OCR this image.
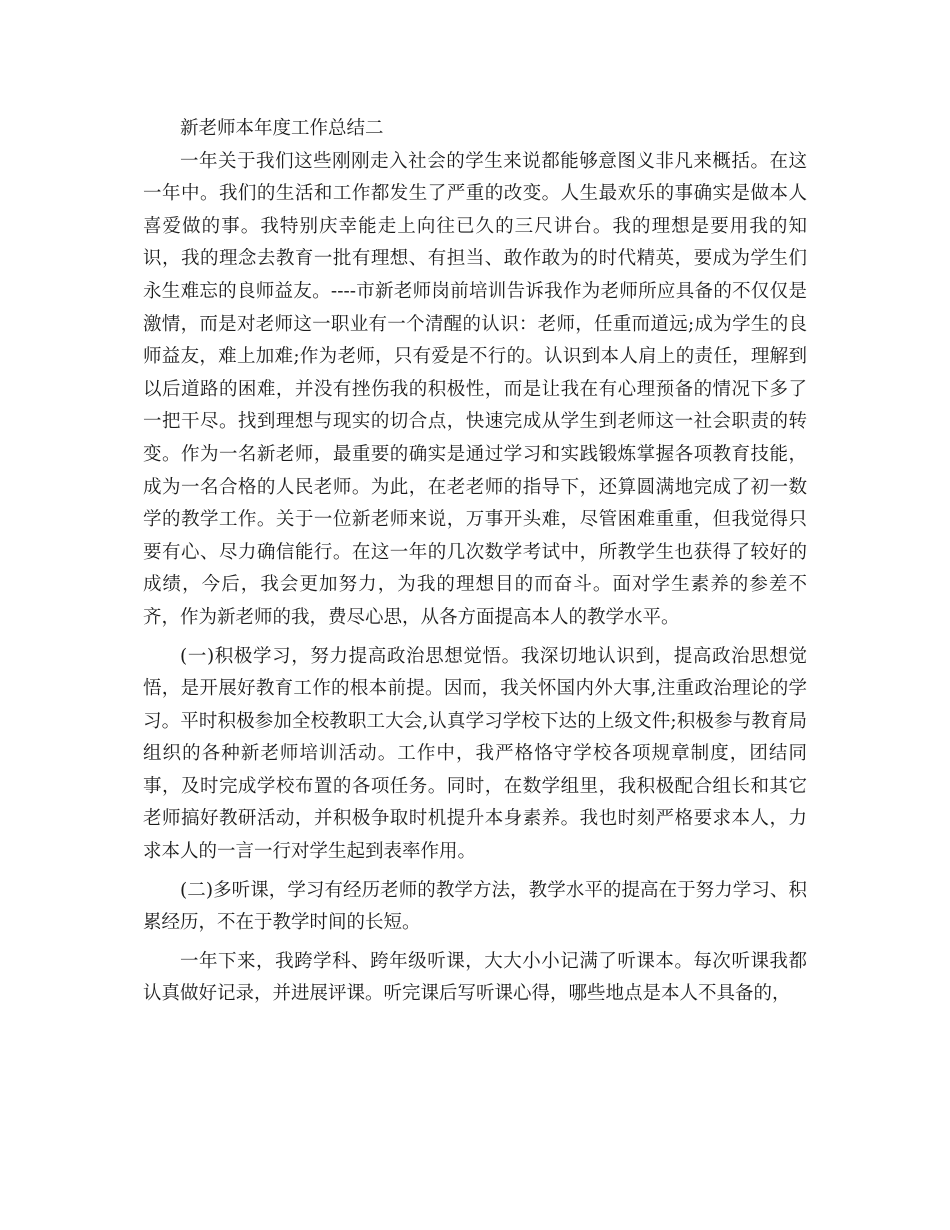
新老师本年度工作总结二

一年关于我们这些刚刚走入社会的学生来说都能够意图义非凡来概括。在这一年中。我们的生活和工作都发生了严重的改变。人生最欢乐的事确实是做本人喜爱做的事。我特别庆幸能走上向往已久的三尺讲台。我的理想是要用我的知识，我的理念去教育一批有理想、有担当、敢作敢为的时代精英，要成为学生们永生难忘的良师益友。----市新老师岗前培训告诉我作为老师所应具备的不仅仅是激情，而是对老师这一职业有一个清醒的认识：老师，任重而道远;成为学生的良师益友，难上加难;作为老师，只有爱是不行的。认识到本人肩上的责任，理解到以后道路的困难，并没有挫伤我的积极性，而是让我在有心理预备的情况下多了一把干尽。找到理想与现实的切合点，快速完成从学生到老师这一社会职责的转变。作为一名新老师，最重要的确实是通过学习和实践锻炼掌握各项教育技能，成为一名合格的人民老师。为此，在老老师的指导下，还算圆满地完成了初一数学的教学工作。关于一位新老师来说，万事开头难，尽管困难重重，但我觉得只要有心、尽力确信能行。在这一年的几次数学考试中，所教学生也获得了较好的成绩，今后，我会更加努力，为我的理想目的而奋斗。面对学生素养的参差不齐，作为新老师的我，费尽心思，从各方面提高本人的教学水平。

(一)积极学习，努力提高政治思想觉悟。我深切地认识到，提高政治思想觉悟，是开展好教育工作的根本前提。因而，我关怀国内外大事,注重政治理论的学习。平时积极参加全校教职工大会,认真学习学校下达的上级文件;积极参与教育局组织的各种新老师培训活动。工作中，我严格恪守学校各项规章制度，团结同事，及时完成学校布置的各项任务。同时，在数学组里，我积极配合组长和其它老师搞好教研活动，并积极争取时机提升本身素养。我也时刻严格要求本人，力求本人的一言一行对学生起到表率作用。

(二)多听课，学习有经历老师的教学方法，教学水平的提高在于努力学习、积累经历，不在于教学时间的长短。

一年下来，我跨学科、跨年级听课，大大小小记满了听课本。每次听课我都认真做好记录，并进展评课。听完课后写听课心得，哪些地点是本人不具备的，
